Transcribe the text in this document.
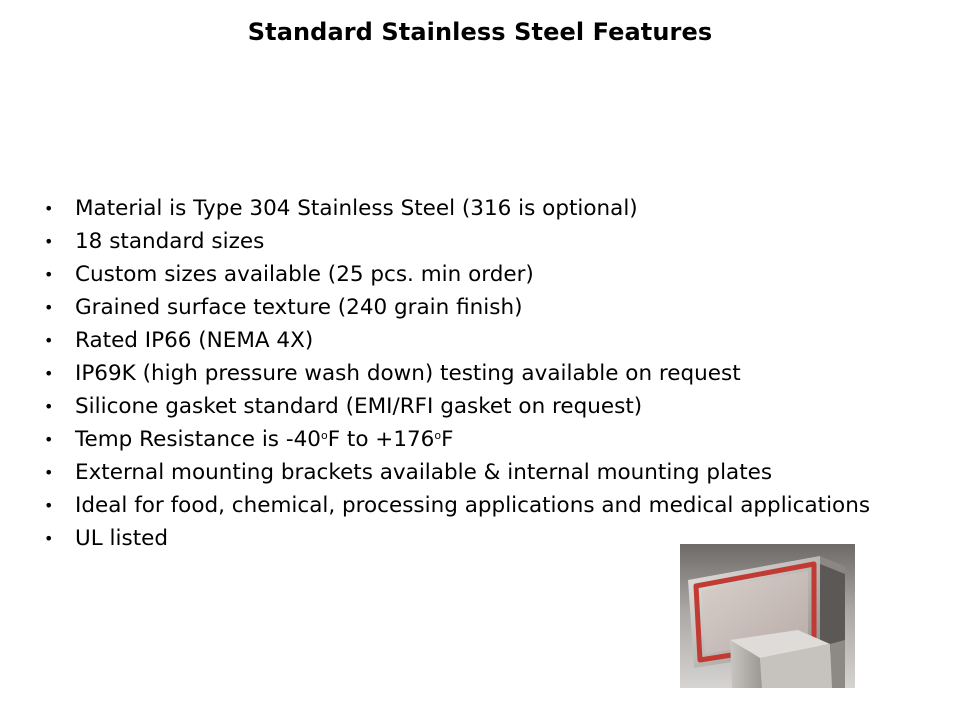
Standard Stainless Steel Features
• Material is Type 304 Stainless Steel (316 is optional)
• 18 standard sizes
• Custom sizes available (25 pcs. min order)
• Grained surface texture (240 grain finish)
• Rated IP66 (NEMA 4X)
• IP69K (high pressure wash down) testing available on request
• Silicone gasket standard (EMI/RFI gasket on request)
• Temp Resistance is -40$^o$F to $+176^oF$
• External mounting brackets available & internal mounting plates
• Ideal for food, chemical, processing applications and medical applications
• UL listed
